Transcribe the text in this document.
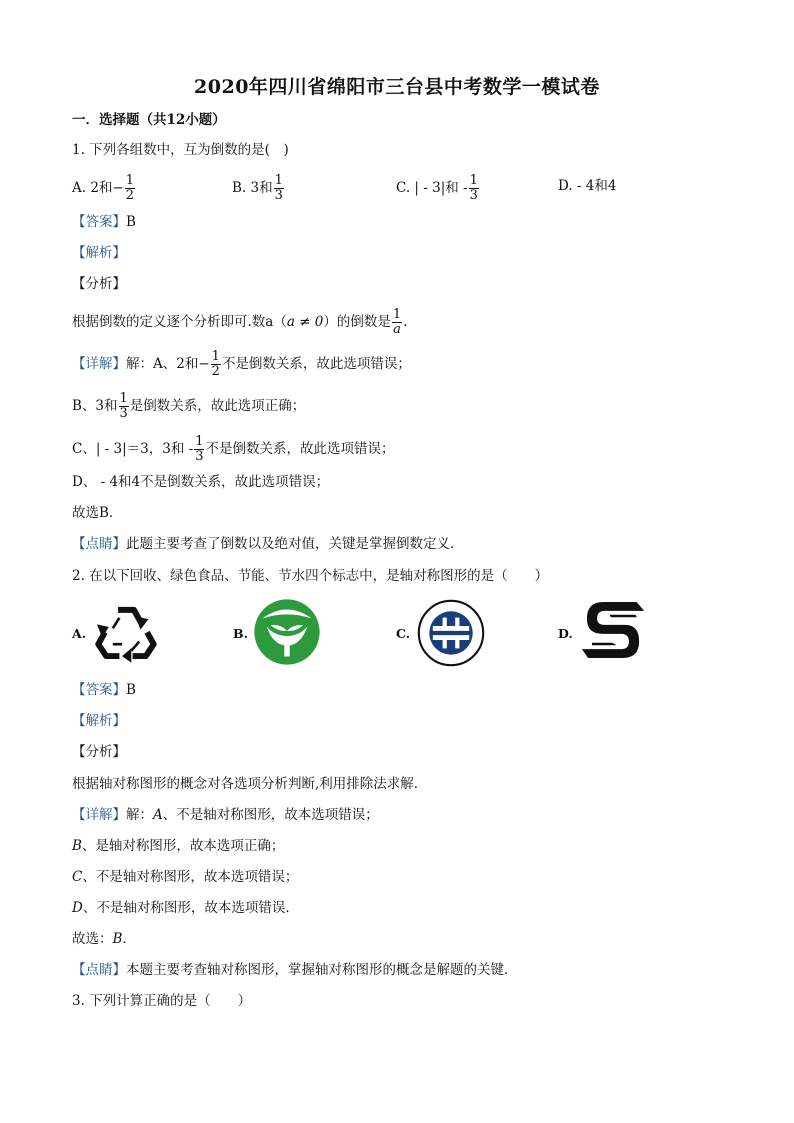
2020年四川省绵阳市三台县中考数学一模试卷
一．选择题（共12小题）
1. 下列各组数中，互为倒数的是(　)
A. 2和− $\frac{1}{2}$	B. 3和 $\frac{1}{3}$	C. | - 3|和 - $\frac{1}{3}$	D. - 4和4
【答案】B
【解析】
【分析】
根据倒数的定义逐个分析即可.数a（a ≠ 0）的倒数是 $\frac{1}{a}$ .
【详解】解：A、2和− $\frac{1}{2}$ 不是倒数关系，故此选项错误；
B、3和 $\frac{1}{3}$ 是倒数关系，故此选项正确；
C、| - 3|＝3，3和 - $\frac{1}{3}$ 不是倒数关系，故此选项错误；
D、 - 4和4不是倒数关系，故此选项错误；
故选B．
【点睛】此题主要考查了倒数以及绝对值，关键是掌握倒数定义．
2. 在以下回收、绿色食品、节能、节水四个标志中，是轴对称图形的是（　　）
A.	B.	C.	D.
【答案】B
【解析】
【分析】
根据轴对称图形的概念对各选项分析判断,利用排除法求解．
【详解】解：A、不是轴对称图形，故本选项错误；
B、是轴对称图形，故本选项正确；
C、不是轴对称图形，故本选项错误；
D、不是轴对称图形，故本选项错误．
故选：B．
【点睛】本题主要考查轴对称图形，掌握轴对称图形的概念是解题的关键．
3. 下列计算正确的是（　　）
